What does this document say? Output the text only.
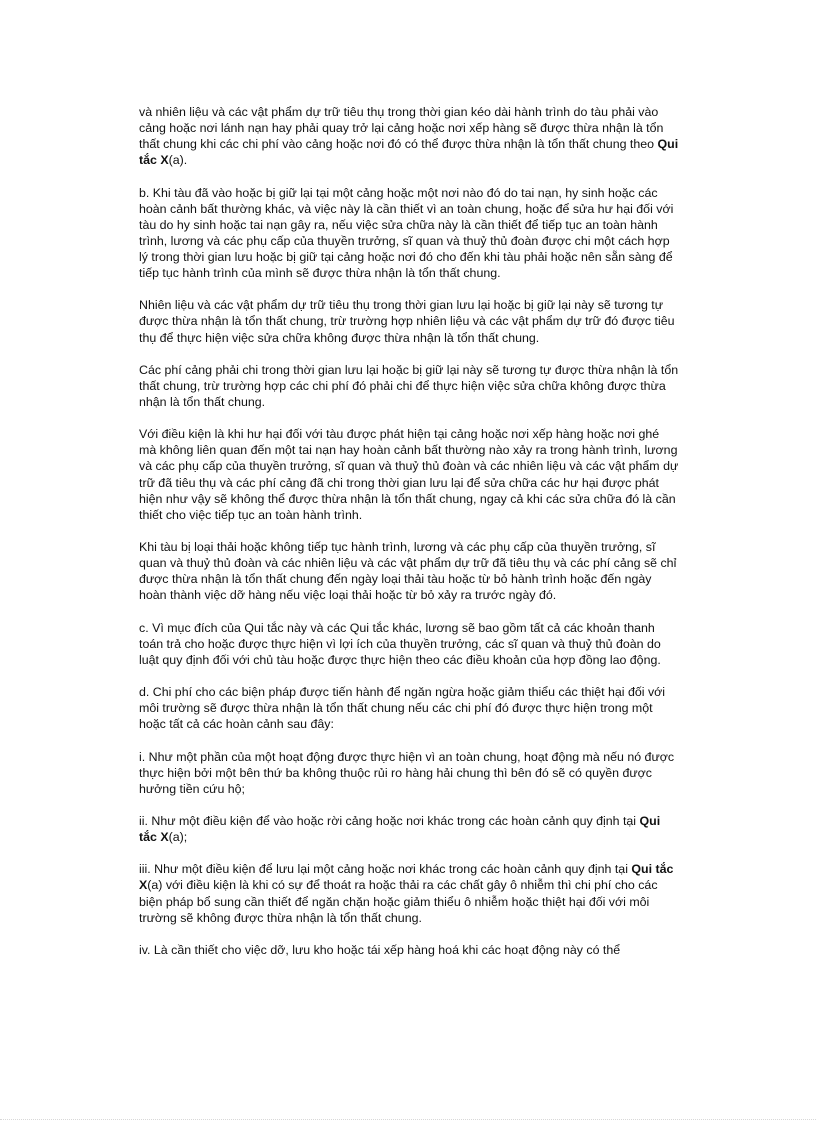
và nhiên liệu và các vật phẩm dự trữ tiêu thụ trong thời gian kéo dài hành trình do tàu phải vào cảng hoặc nơi lánh nạn hay phải quay trở lại cảng hoặc nơi xếp hàng sẽ được thừa nhận là tổn thất chung khi các chi phí vào cảng hoặc nơi đó có thể được thừa nhận là tổn thất chung theo Qui tắc X(a).

b. Khi tàu đã vào hoặc bị giữ lại tại một cảng hoặc một nơi nào đó do tai nạn, hy sinh hoặc các hoàn cảnh bất thường khác, và việc này là cần thiết vì an toàn chung, hoặc để sửa hư hại đối với tàu do hy sinh hoặc tai nạn gây ra, nếu việc sửa chữa này là cần thiết để tiếp tục an toàn hành trình, lương và các phụ cấp của thuyền trưởng, sĩ quan và thuỷ thủ đoàn được chi một cách hợp lý trong thời gian lưu hoặc bị giữ tại cảng hoặc nơi đó cho đến khi tàu phải hoặc nên sẵn sàng để tiếp tục hành trình của mình sẽ được thừa nhận là tổn thất chung.

Nhiên liệu và các vật phẩm dự trữ tiêu thụ trong thời gian lưu lại hoặc bị giữ lại này sẽ tương tự được thừa nhận là tổn thất chung, trừ trường hợp nhiên liệu và các vật phẩm dự trữ đó được tiêu thụ để thực hiện việc sửa chữa không được thừa nhận là tổn thất chung.

Các phí cảng phải chi trong thời gian lưu lại hoặc bị giữ lại này sẽ tương tự được thừa nhận là tổn thất chung, trừ trường hợp các chi phí đó phải chi để thực hiện việc sửa chữa không được thừa nhận là tổn thất chung.

Với điều kiện là khi hư hại đối với tàu được phát hiện tại cảng hoặc nơi xếp hàng hoặc nơi ghé mà không liên quan đến một tai nạn hay hoàn cảnh bất thường nào xảy ra trong hành trình, lương và các phụ cấp của thuyền trưởng, sĩ quan và thuỷ thủ đoàn và các nhiên liệu và các vật phẩm dự trữ đã tiêu thụ và các phí cảng đã chi trong thời gian lưu lại để sửa chữa các hư hại được phát hiện như vậy sẽ không thể được thừa nhận là tổn thất chung, ngay cả khi các sửa chữa đó là cần thiết cho việc tiếp tục an toàn hành trình.

Khi tàu bị loại thải hoặc không tiếp tục hành trình, lương và các phụ cấp của thuyền trưởng, sĩ quan và thuỷ thủ đoàn và các nhiên liệu và các vật phẩm dự trữ đã tiêu thụ và các phí cảng sẽ chỉ được thừa nhận là tổn thất chung đến ngày loại thải tàu hoặc từ bỏ hành trình hoặc đến ngày hoàn thành việc dỡ hàng nếu việc loại thải hoặc từ bỏ xảy ra trước ngày đó.

c. Vì mục đích của Qui tắc này và các Qui tắc khác, lương sẽ bao gồm tất cả các khoản thanh toán trả cho hoặc được thực hiện vì lợi ích của thuyền trưởng, các sĩ quan và thuỷ thủ đoàn do luật quy định đối với chủ tàu hoặc được thực hiện theo các điều khoản của hợp đồng lao động.

d. Chi phí cho các biện pháp được tiến hành để ngăn ngừa hoặc giảm thiểu các thiệt hại đối với môi trường sẽ được thừa nhận là tổn thất chung nếu các chi phí đó được thực hiện trong một hoặc tất cả các hoàn cảnh sau đây:

i. Như một phần của một hoạt động được thực hiện vì an toàn chung, hoạt động mà nếu nó được thực hiện bởi một bên thứ ba không thuộc rủi ro hàng hải chung thì bên đó sẽ có quyền được hưởng tiền cứu hộ;

ii. Như một điều kiện để vào hoặc rời cảng hoặc nơi khác trong các hoàn cảnh quy định tại Qui tắc X(a);

iii. Như một điều kiện để lưu lại một cảng hoặc nơi khác trong các hoàn cảnh quy định tại Qui tắc X(a) với điều kiện là khi có sự để thoát ra hoặc thải ra các chất gây ô nhiễm thì chi phí cho các biện pháp bổ sung cần thiết để ngăn chặn hoặc giảm thiểu ô nhiễm hoặc thiệt hại đối với môi trường sẽ không được thừa nhận là tổn thất chung.

iv. Là cần thiết cho việc dỡ, lưu kho hoặc tái xếp hàng hoá khi các hoạt động này có thể
